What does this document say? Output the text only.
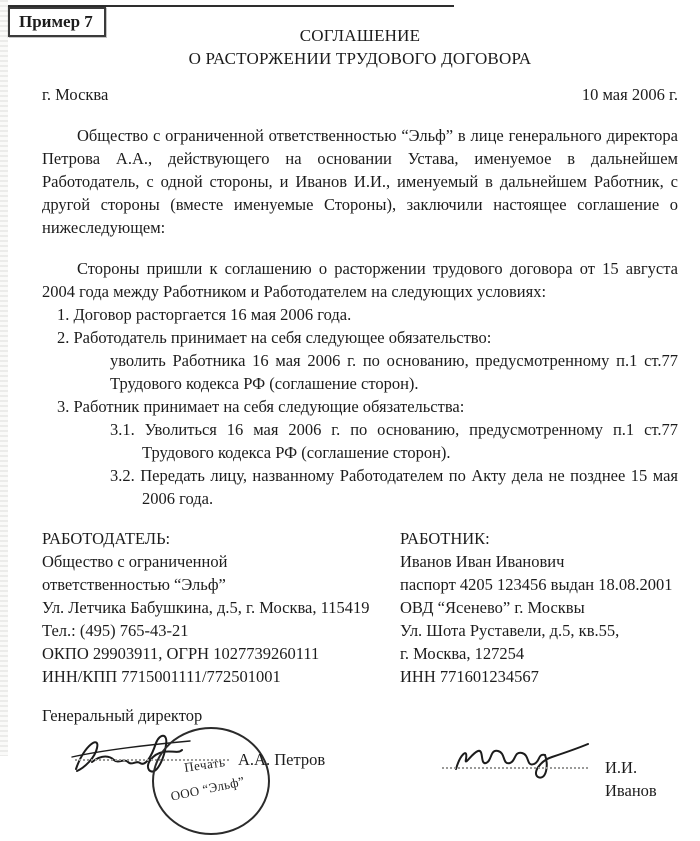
Пример 7
СОГЛАШЕНИЕ
О РАСТОРЖЕНИИ ТРУДОВОГО ДОГОВОРА
г. Москва	10 мая 2006 г.

Общество с ограниченной ответственностью “Эльф” в лице генерального директора Петрова А.А., действующего на основании Устава, именуемое в дальнейшем Работодатель, с одной стороны, и Иванов И.И., именуемый в дальнейшем Работник, с другой стороны (вместе именуемые Стороны), заключили настоящее соглашение о нижеследующем:

Стороны пришли к соглашению о расторжении трудового договора от 15 августа 2004 года между Работником и Работодателем на следующих условиях:

1. Договор расторгается 16 мая 2006 года.

2. Работодатель принимает на себя следующее обязательство:

уволить Работника 16 мая 2006 г. по основанию, предусмотренному п.1 ст.77 Трудового кодекса РФ (соглашение сторон).

3. Работник принимает на себя следующие обязательства:

3.1. Уволиться 16 мая 2006 г. по основанию, предусмотренному п.1 ст.77 Трудового кодекса РФ (соглашение сторон).

3.2. Передать лицу, названному Работодателем по Акту дела не позднее 15 мая 2006 года.

РАБОТОДАТЕЛЬ:
Общество с ограниченной
ответственностью “Эльф”
Ул. Летчика Бабушкина, д.5, г. Москва, 115419
Тел.: (495) 765-43-21
ОКПО 29903911, ОГРН 1027739260111
ИНН/КПП 7715001111/772501001
РАБОТНИК:
Иванов Иван Иванович
паспорт 4205 123456 выдан 18.08.2001
ОВД “Ясенево” г. Москвы
Ул. Шота Руставели, д.5, кв.55,
г. Москва, 127254
ИНН 771601234567
Генеральный директор
Печать
ООО “Эльф”
А.А. Петров	И.И. Иванов
